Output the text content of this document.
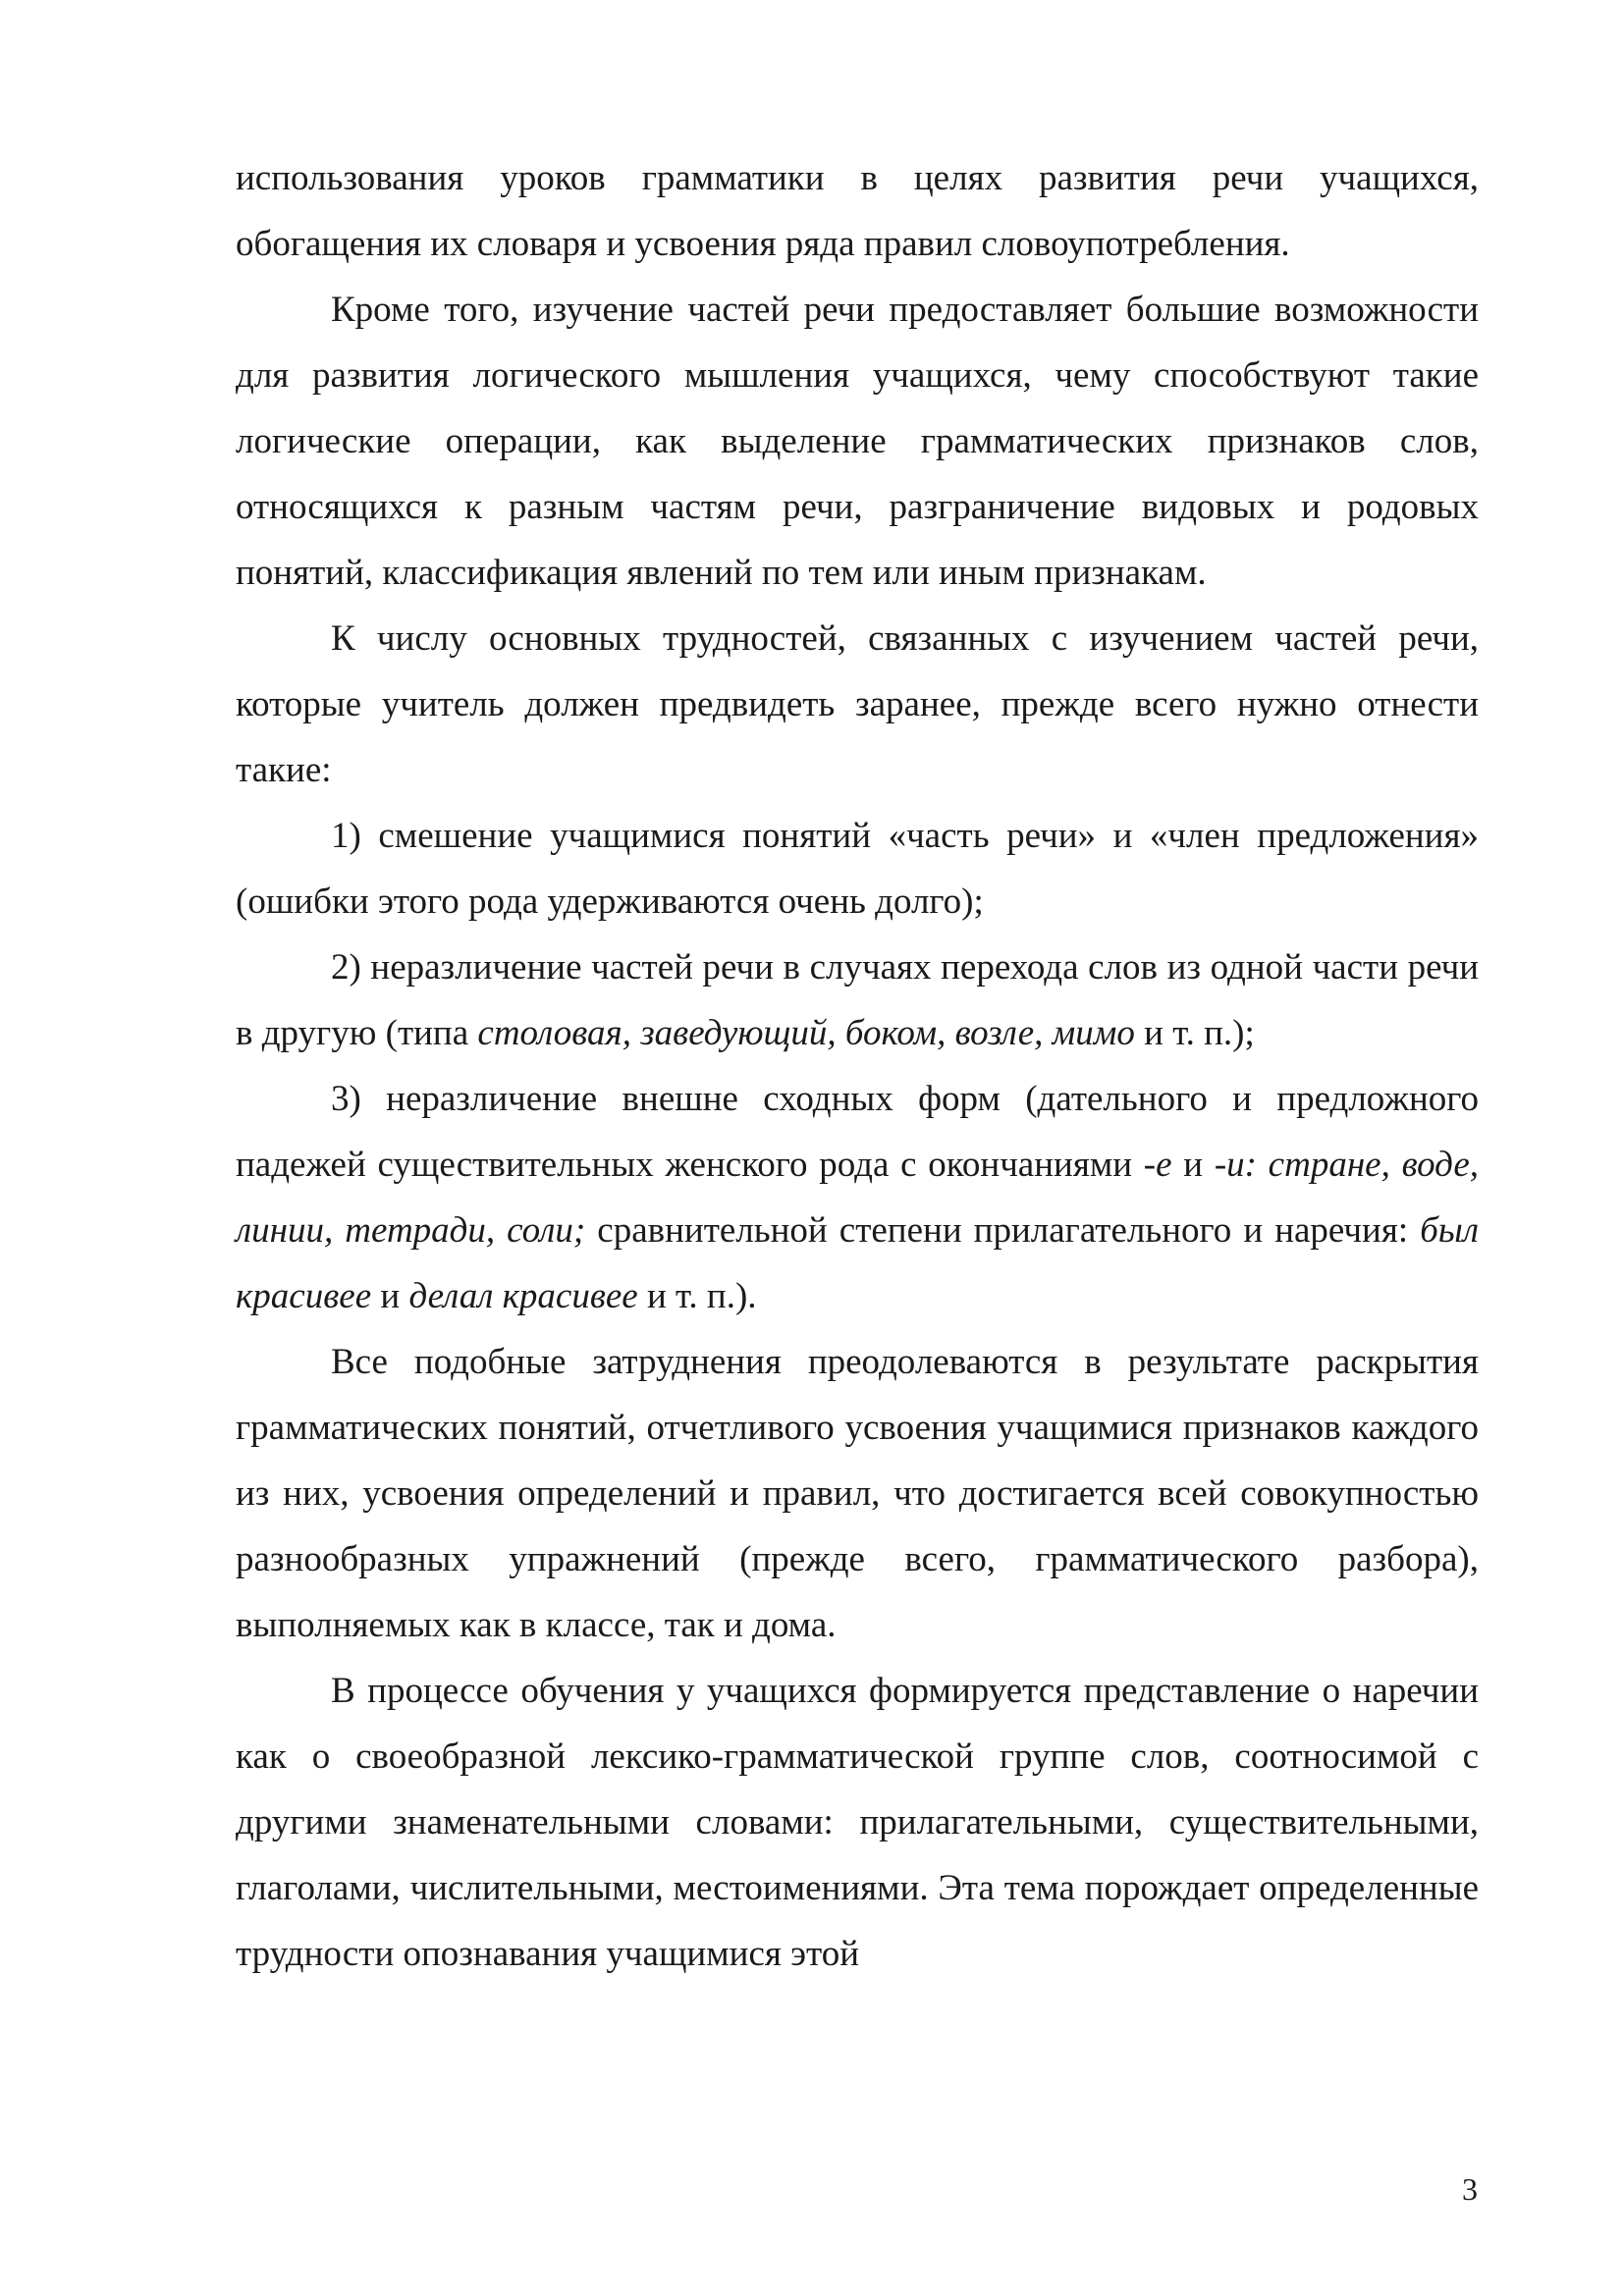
использования уроков грамматики в целях развития речи учащихся, обогащения их словаря и усвоения ряда правил словоупотребления.

Кроме того, изучение частей речи предоставляет большие возможности для развития логического мышления учащихся, чему способствуют такие логические операции, как выделение грамматических признаков слов, относящихся к разным частям речи, разграничение видовых и родовых понятий, классификация явлений по тем или иным признакам.

К числу основных трудностей, связанных с изучением частей речи, которые учитель должен предвидеть заранее, прежде всего нужно отнести такие:

1) смешение учащимися понятий «часть речи» и «член предложения» (ошибки этого рода удерживаются очень долго);

2) неразличение частей речи в случаях перехода слов из одной части речи в другую (типа столовая, заведующий, боком, возле, мимо и т. п.);

3) неразличение внешне сходных форм (дательного и предложного падежей существительных женского рода с окончаниями -е и -и: стране, воде, линии, тетради, соли; сравнительной степени прилагательного и наречия: был красивее и делал красивее и т. п.).

Все подобные затруднения преодолеваются в результате раскрытия грамматических понятий, отчетливого усвоения учащимися признаков каждого из них, усвоения определений и правил, что достигается всей совокупностью разнообразных упражнений (прежде всего, грамматического разбора), выполняемых как в классе, так и дома.

В процессе обучения у учащихся формируется представление о наречии как о своеобразной лексико-грамматической группе слов, соотносимой с другими знаменательными словами: прилагательными, существительными, глаголами, числительными, местоимениями. Эта тема порождает определенные трудности опознавания учащимися этой

3
